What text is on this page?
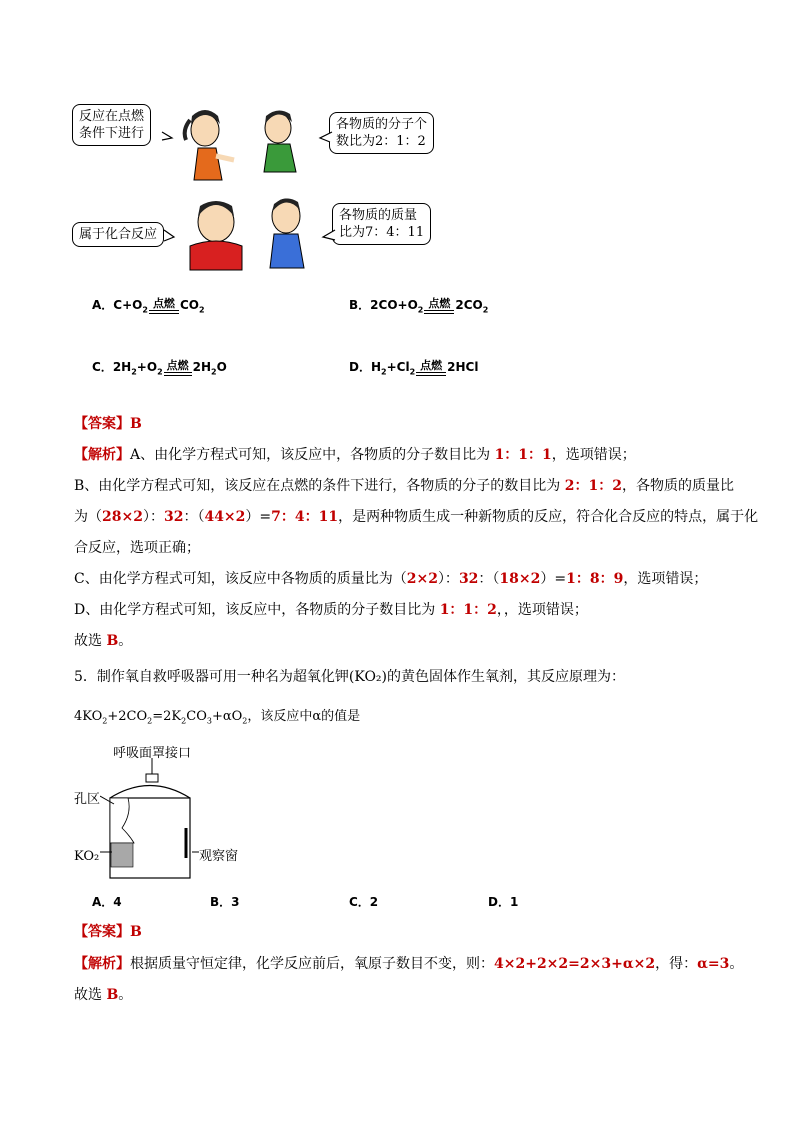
反应在点燃
条件下进行
各物质的分子个
数比为2：1：2
属于化合反应
各物质的质量
比为7：4：11
A．$C+O_2$ 点燃 $CO_2$	B．$2CO+O_2$ 点燃 $2CO_2$
C．$2H_2+O_2$ 点燃 $2H_2O$	D．$H_2+Cl_2$ 点燃 2HCl
【答案】B
【解析】A、由化学方程式可知，该反应中，各物质的分子数目比为 1：1：1，选项错误；
B、由化学方程式可知，该反应在点燃的条件下进行，各物质的分子的数目比为 2：1：2，各物质的质量比
为（28×2）：32：（44×2）=7：4：11，是两种物质生成一种新物质的反应，符合化合反应的特点，属于化
合反应，选项正确；
C、由化学方程式可知，该反应中各物质的质量比为（2×2）：32：（18×2）=1：8：9，选项错误；
D、由化学方程式可知，该反应中，各物质的分子数目比为 1：1：2，，选项错误；
故选 B。
5．制作氧自救呼吸器可用一种名为超氧化钾(KO₂)的黄色固体作生氧剂，其反应原理为：
$4KO_2+2CO_2=2K_2CO_3+\alpha O_2$，该反应中α的值是
呼吸面罩接口
孔区
KO₂	观察窗
A．4	B．3	C．2	D．1
【答案】B
【解析】根据质量守恒定律，化学反应前后，氧原子数目不变，则：4×2+2×2=2×3+α×2，得：α=3。
故选 B。
